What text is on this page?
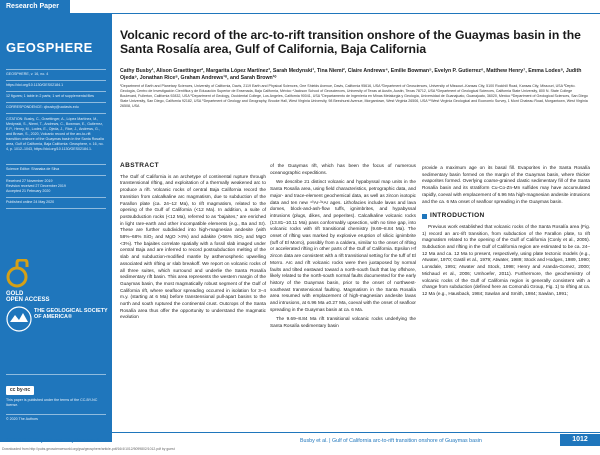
Research Paper
GEOSPHERE
GEOSPHERE, v. 16, no. 4
https://doi.org/10.1130/GES02184.1
12 figures; 1 table in 2 parts; 1 set of supplemental files
CORRESPONDENCE: cjbusby@ucdavis.edu
CITATION: Busby, C., Graettinger, A., López Martínez, M., Medynski, S., Niemi, T., Andrews, C., Bowman, E., Gutierrez, E.P., Henry, M., Lodes, E., Ojeda, J., Rice, J., Andrews, G., and Brown, S., 2020, Volcanic record of the arc-to-rift transition onshore of the Guaymas basin in the Santa Rosalía area, Gulf of California, Baja California: Geosphere, v. 16, no. 4, p. 1012–1043, https://doi.org/10.1130/GES02184.1.
Science Editor: Shanaka de Silva
Received 27 November 2019
Revision received 27 December 2019
Accepted 21 February 2020
Published online 24 May 2020
GOLD
OPEN ACCESS
THE GEOLOGICAL SOCIETY OF AMERICA®
cc by-nc
This paper is published under the terms of the CC-BY-NC license.
© 2020 The Authors
Volcanic record of the arc-to-rift transition onshore of the Guaymas basin in the Santa Rosalía area, Gulf of California, Baja California
Cathy Busby¹, Alison Graettinger², Margarita López Martínez³, Sarah Medynski¹, Tina Niemi², Claire Andrews⁴, Emilie Bowman⁵, Evelyn P. Gutierrez⁶, Matthew Henry⁷, Emma Lodes⁸, Judith Ojeda⁹, Jonathan Rice⁸, Graham Andrews¹⁰, and Sarah Brown¹⁰
¹Department of Earth and Planetary Sciences, University of California, Davis, 2119 Earth and Physical Sciences, One Shields Avenue, Davis, California 95616, USA ²Department of Geosciences, University of Missouri–Kansas City, 5100 Rockhill Road, Kansas City, Missouri, USA ³Depto. Geología, Centro de Investigación Científica y de Educación Superior de Ensenada, Baja California, México ⁴Jackson School of Geosciences, University of Texas at Austin, Austin, Texas 78712, USA ⁵Department of Geological Sciences, California State University, 800 N. State College Boulevard, Fullerton, California 92832, USA ⁶Department of Geology, Occidental College, Los Angeles, California 90041, USA ⁷Departamento de Ingeniería en Minas Metalurgia y Geología, Universidad de Guanajuato, Guanajuato, 36020, Mexico ⁸Department of Geological Sciences, San Diego State University, San Diego, California 92182, USA ⁹Department of Geology and Geography, Brooke Hall, West Virginia University, 98 Beechurst Avenue, Morgantown, West Virginia 26506, USA ¹⁰West Virginia Geological and Economic Survey, 1 Mont Chateau Road, Morgantown, West Virginia 26508, USA
ABSTRACT
The Gulf of California is an archetype of continental rupture through transtensional rifting, and exploitation of a thermally weakened arc to produce a rift. Volcanic rocks of central Baja California record the transition from calcalkaline arc magmatism, due to subduction of the Farallon plate (ca. 24–12 Ma), to rift magmatism, related to the opening of the Gulf of California (<12 Ma). In addition, a suite of postsubduction rocks (<12 Ma), referred to as “bajaites,” are enriched in light rare-earth and other incompatible elements (e.g., Ba and Sr). These are further subdivided into high-magnesian andesite (with 58%–68% SiO₂ and MgO >4%) and adakite (>56% SiO₂ and MgO <3%). The bajaites correlate spatially with a fossil slab imaged under central Baja and are inferred to record postsubduction melting of the slab and subduction-modified mantle by asthenospheric upwelling associated with rifting or slab breakoff. We report on volcanic rocks of all three suites, which surround and underlie the Santa Rosalía sedimentary rift basin. This area represents the western margin of the Guaymas basin, the most magmatically robust segment of the Gulf of California rift, where seafloor spreading occurred in isolation for 3–4 m.y. (starting at 6 Ma) before transtensional pull-apart basins to the north and south ruptured the continental crust. Outcrops of the Santa Rosalía area thus offer the opportunity to understand the magmatic evolution
of the Guaymas rift, which has been the focus of numerous oceanographic expeditions.
We describe 21 distinct volcanic and hypabyssal map units in the Santa Rosalía area, using field characteristics, petrographic data, and major- and trace-element geochemical data, as well as zircon isotopic data and ten new ⁴⁰Ar-³⁹Ar ages. Lithofacies include lavas and lava domes, block-and-ash-flow tuffs, ignimbrites, and hypabyssal intrusions (plugs, dikes, and peperites). Calcalkaline volcanic rocks (13.81–10.11 Ma) pass conformably upsection, with no time gap, into volcanic rocks with rift transitional chemistry (9.69–8.84 Ma). The onset of rifting was marked by explosive eruption of silicic ignimbrite (tuff of El Morro), possibly from a caldera, similar to the onset of rifting or accelerated rifting in other parts of the Gulf of California. Epsilon Hf zircon data are consistent with a rift transitional setting for the tuff of El Morro. Arc and rift volcanic rocks were then juxtaposed by normal faults and tilted eastward toward a north-south fault that lay offshore, likely related to the north-south normal faults documented for the early history of the Guaymas basin, prior to the onset of northwest-southeast transtensional faulting. Magmatism in the Santa Rosalía area resumed with emplacement of high-magnesian andesite lavas and intrusions, at 6.96 Ma ±0.27 Ma, coeval with the onset of seafloor spreading in the Guaymas basin at ca. 6 Ma.
The 9.69–8.84 Ma rift transitional volcanic rocks underlying the Santa Rosalía sedimentary basin
provide a maximum age on its basal fill. Evaporites in the Santa Rosalía sedimentary basin formed on the margin of the Guaymas basin, where thicker evaporites formed. Overlying coarse-grained clastic sedimentary fill of the Santa Rosalía basin and its stratiform Cu-Co-Zn-Mn sulfides may have accumulated rapidly, coeval with emplacement of 6.96 Ma high-magnesian andesite intrusions and the ca. 6 Ma onset of seafloor spreading in the Guaymas basin.
INTRODUCTION
Previous work established that volcanic rocks of the Santa Rosalía area (Fig. 1) record an arc-rift transition, from subduction of the Farallon plate, to rift magmatism related to the opening of the Gulf of California (Conly et al., 2005). Subduction and rifting in the Gulf of California region are estimated to be ca. 24–12 Ma and ca. 12 Ma to present, respectively, using plate tectonic models (e.g., Atwater, 1970; Gastil et al., 1979; Atwater, 1989; Stock and Hodges, 1989, 1990; Lonsdale, 1991; Atwater and Stock, 1998; Henry and Aranda-Gomez, 2000; Michaud et al., 2006; Umhoefer, 2011). Furthermore, the geochemistry of volcanic rocks of the Gulf of California region is generally consistent with a change from subduction (defined here as Comondú Group, Fig. 1) to rifting at ca. 12 Ma (e.g., Hausback, 1984; Sawlan and Smith, 1984; Sawlan, 1991;
GEOSPHERE | Volume 16 | Number 4	Busby et al. | Gulf of California arc-to-rift transition onshore of Guaymas basin	1012
Downloaded from http://pubs.geoscienceworld.org/gsa/geosphere/article-pdf/16/4/1012/5099802/1012.pdf by guest
